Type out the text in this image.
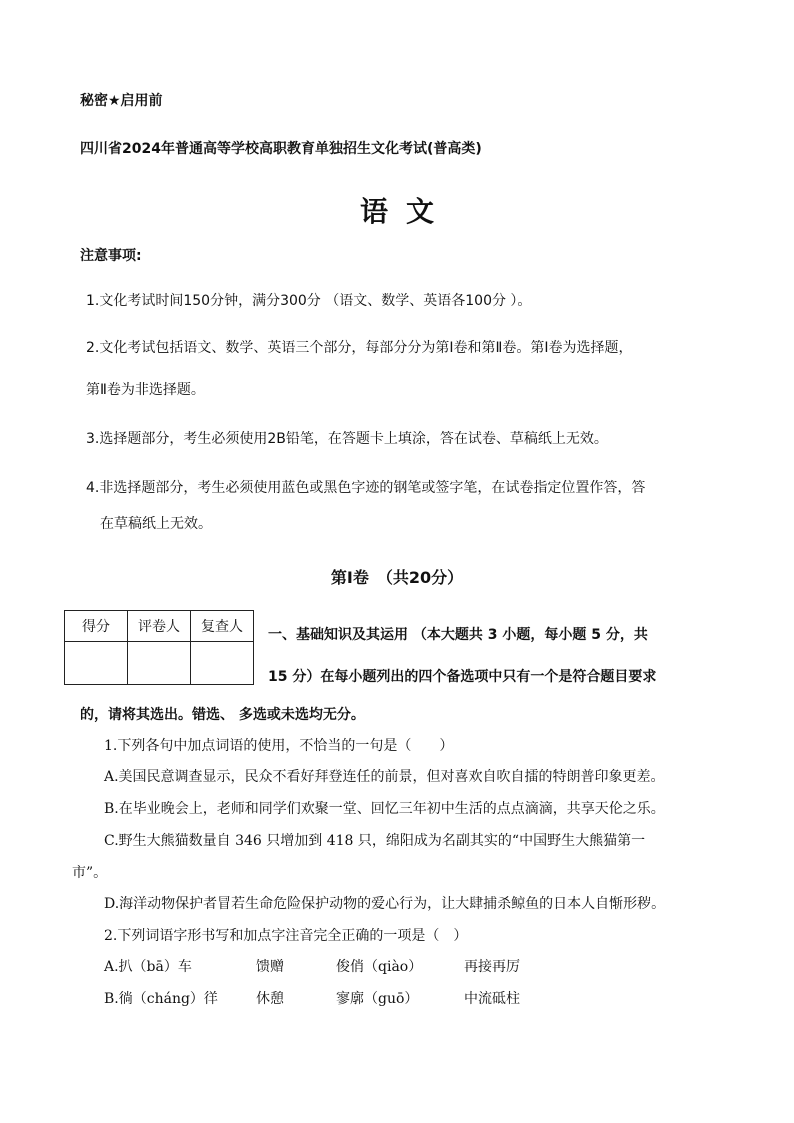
秘密★启用前
四川省2024年普通高等学校高职教育单独招生文化考试(普高类)
语文
注意事项:
1.文化考试时间150分钟，满分300分 （语文、数学、英语各100分 ）。
2.文化考试包括语文、数学、英语三个部分，每部分分为第Ⅰ卷和第Ⅱ卷。第Ⅰ卷为选择题，
第Ⅱ卷为非选择题。
3.选择题部分，考生必须使用2B铅笔，在答题卡上填涂，答在试卷、草稿纸上无效。
4.非选择题部分，考生必须使用蓝色或黑色字迹的钢笔或签字笔，在试卷指定位置作答，答
在草稿纸上无效。
第Ⅰ卷　（共20分）
得分	评卷人	复查人
		一、基础知识及其运用 （本大题共 3 小题，每小题 5 分，共
15 分）在每小题列出的四个备选项中只有一个是符合题目要求
的，请将其选出。错选、 多选或未选均无分。
1.下列各句中加点词语的使用，不恰当的一句是（　　）
A.美国民意调查显示，民众不看好拜登连任的前景，但对喜欢自吹自擂的特朗普印象更差。
B.在毕业晚会上，老师和同学们欢聚一堂、回忆三年初中生活的点点滴滴，共享天伦之乐。
C.野生大熊猫数量自 346 只增加到 418 只，绵阳成为名副其实的“中国野生大熊猫第一
市”。
D.海洋动物保护者冒若生命危险保护动物的爱心行为，让大肆捕杀鲸鱼的日本人自惭形秽。
2.下列词语字形书写和加点字注音完全正确的一项是（　）
A.扒（bā）车	馈赠	俊俏（qiào）	再接再厉
B.徜（cháng）徉	休憩	寥廓（guō）	中流砥柱
